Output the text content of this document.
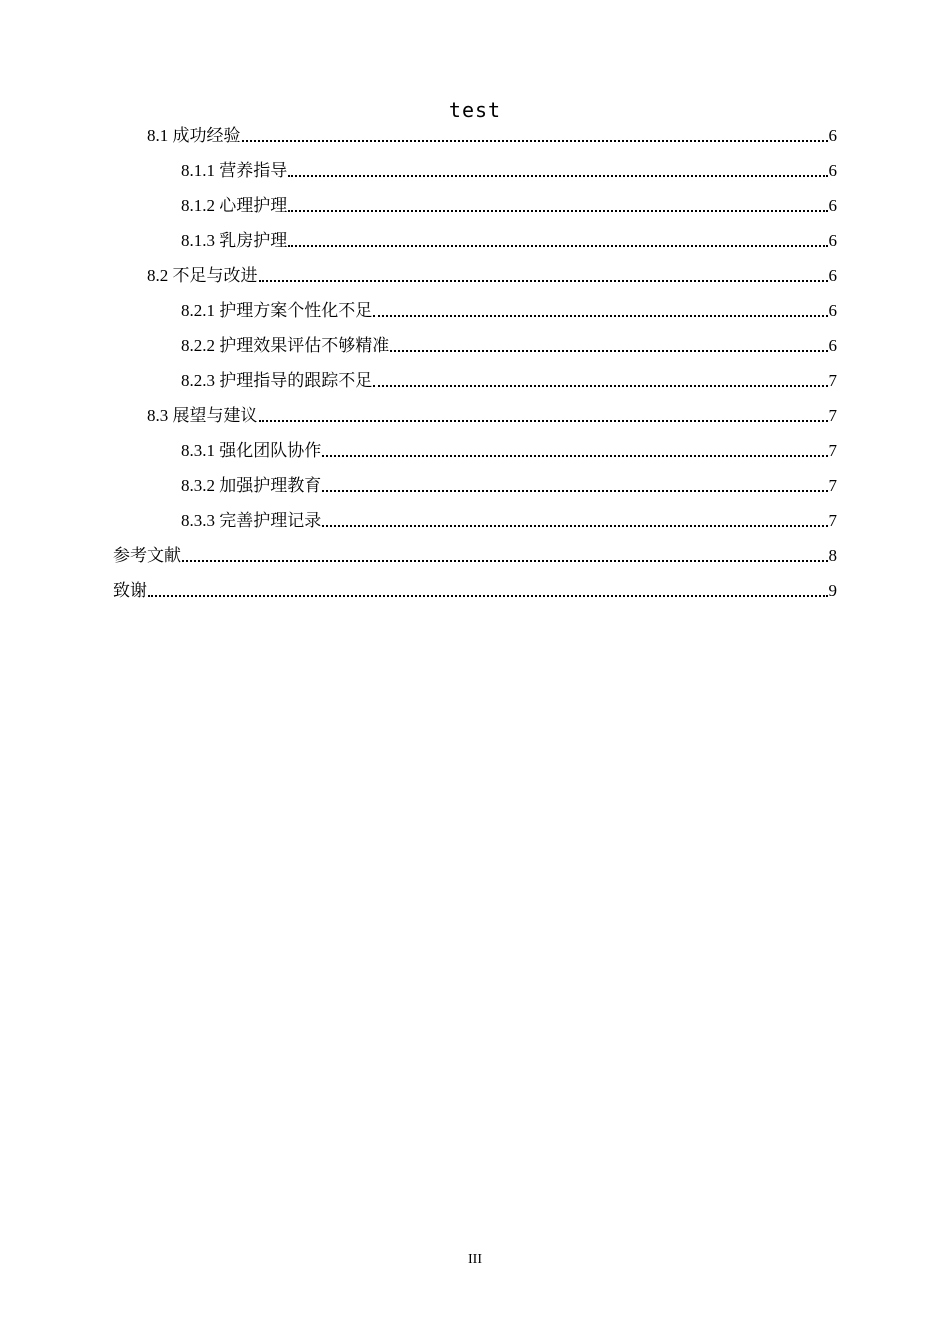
test
8.1 成功经验	6
8.1.1 营养指导	6
8.1.2 心理护理	6
8.1.3 乳房护理	6
8.2 不足与改进	6
8.2.1 护理方案个性化不足	6
8.2.2 护理效果评估不够精准	6
8.2.3 护理指导的跟踪不足	7
8.3 展望与建议	7
8.3.1 强化团队协作	7
8.3.2 加强护理教育	7
8.3.3 完善护理记录	7
参考文献	8
致谢	9
III
